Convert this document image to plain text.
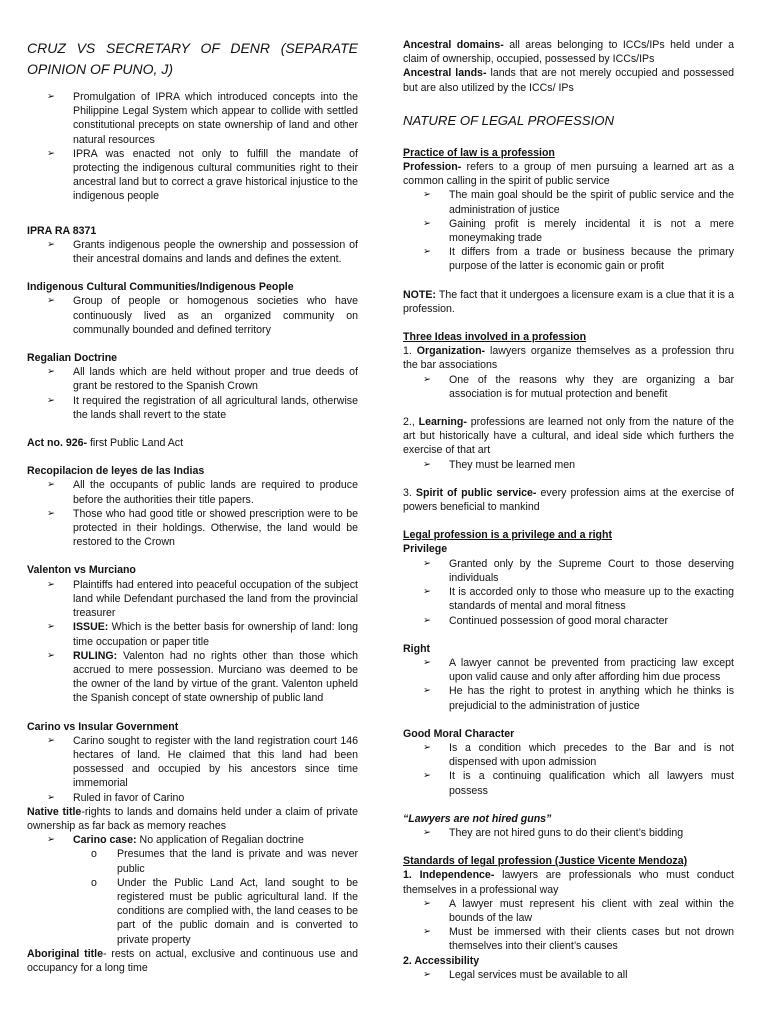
CRUZ VS SECRETARY OF DENR (SEPARATE OPINION OF PUNO, J)
➢ Promulgation of IPRA which introduced concepts into the Philippine Legal System which appear to collide with settled constitutional precepts on state ownership of land and other natural resources
➢ IPRA was enacted not only to fulfill the mandate of protecting the indigenous cultural communities right to their ancestral land but to correct a grave historical injustice to the indigenous people
IPRA RA 8371
➢ Grants indigenous people the ownership and possession of their ancestral domains and lands and defines the extent.
Indigenous Cultural Communities/Indigenous People
➢ Group of people or homogenous societies who have continuously lived as an organized community on communally bounded and defined territory
Regalian Doctrine
➢ All lands which are held without proper and true deeds of grant be restored to the Spanish Crown
➢ It required the registration of all agricultural lands, otherwise the lands shall revert to the state
Act no. 926- first Public Land Act
Recopilacion de leyes de las Indias
➢ All the occupants of public lands are required to produce before the authorities their title papers.
➢ Those who had good title or showed prescription were to be protected in their holdings. Otherwise, the land would be restored to the Crown
Valenton vs Murciano
➢ Plaintiffs had entered into peaceful occupation of the subject land while Defendant purchased the land from the provincial treasurer
➢ ISSUE: Which is the better basis for ownership of land: long time occupation or paper title
➢ RULING: Valenton had no rights other than those which accrued to mere possession. Murciano was deemed to be the owner of the land by virtue of the grant. Valenton upheld the Spanish concept of state ownership of public land
Carino vs Insular Government
➢ Carino sought to register with the land registration court 146 hectares of land. He claimed that this land had been possessed and occupied by his ancestors since time immemorial
➢ Ruled in favor of Carino
Native title-rights to lands and domains held under a claim of private ownership as far back as memory reaches
➢ Carino case: No application of Regalian doctrine
o Presumes that the land is private and was never public
o Under the Public Land Act, land sought to be registered must be public agricultural land. If the conditions are complied with, the land ceases to be part of the public domain and is converted to private property
Aboriginal title- rests on actual, exclusive and continuous use and occupancy for a long time
Ancestral domains- all areas belonging to ICCs/IPs held under a claim of ownership, occupied, possessed by ICCs/IPs
Ancestral lands- lands that are not merely occupied and possessed but are also utilized by the ICCs/ IPs
NATURE OF LEGAL PROFESSION
Practice of law is a profession
Profession- refers to a group of men pursuing a learned art as a common calling in the spirit of public service
➢ The main goal should be the spirit of public service and the administration of justice
➢ Gaining profit is merely incidental it is not a mere moneymaking trade
➢ It differs from a trade or business because the primary purpose of the latter is economic gain or profit
NOTE: The fact that it undergoes a licensure exam is a clue that it is a profession.
Three Ideas involved in a profession
1. Organization- lawyers organize themselves as a profession thru the bar associations
➢ One of the reasons why they are organizing a bar association is for mutual protection and benefit
2., Learning- professions are learned not only from the nature of the art but historically have a cultural, and ideal side which furthers the exercise of that art
➢ They must be learned men
3. Spirit of public service- every profession aims at the exercise of powers beneficial to mankind
Legal profession is a privilege and a right
Privilege
➢ Granted only by the Supreme Court to those deserving individuals
➢ It is accorded only to those who measure up to the exacting standards of mental and moral fitness
➢ Continued possession of good moral character
Right
➢ A lawyer cannot be prevented from practicing law except upon valid cause and only after affording him due process
➢ He has the right to protest in anything which he thinks is prejudicial to the administration of justice
Good Moral Character
➢ Is a condition which precedes to the Bar and is not dispensed with upon admission
➢ It is a continuing qualification which all lawyers must possess
“Lawyers are not hired guns”
➢ They are not hired guns to do their client’s bidding
Standards of legal profession (Justice Vicente Mendoza)
1. Independence- lawyers are professionals who must conduct themselves in a professional way
➢ A lawyer must represent his client with zeal within the bounds of the law
➢ Must be immersed with their clients cases but not drown themselves into their client’s causes
2. Accessibility
➢ Legal services must be available to all
